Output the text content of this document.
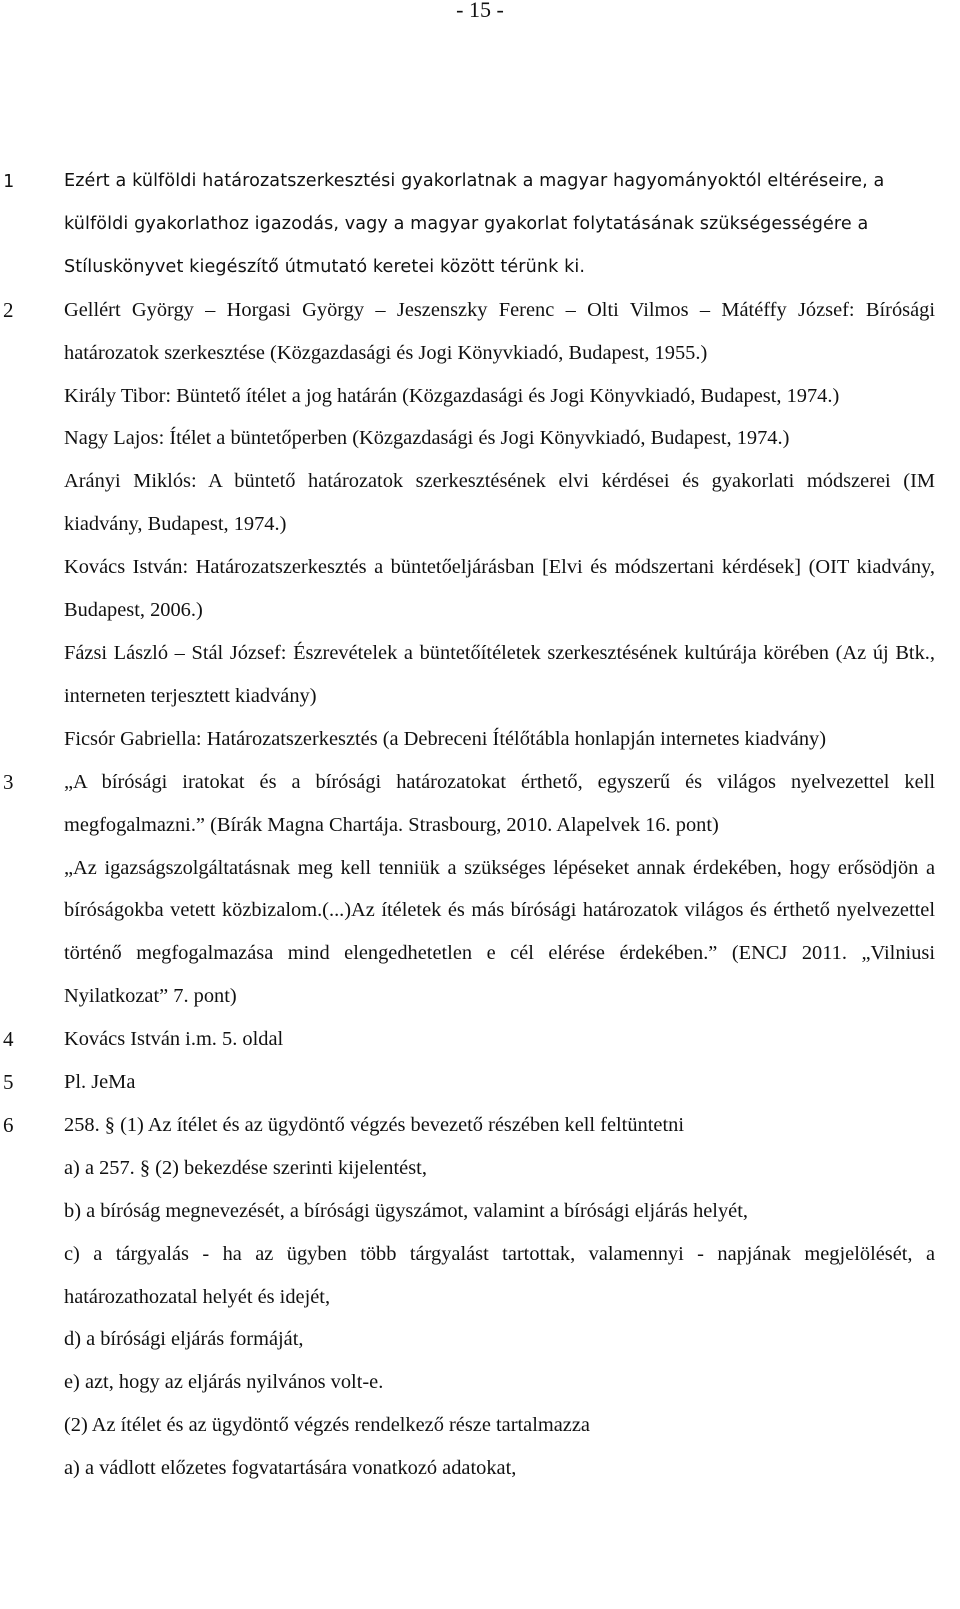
- 15 -
1	Ezért a külföldi határozatszerkesztési gyakorlatnak a magyar hagyományoktól eltéréseire, a külföldi gyakorlathoz igazodás, vagy a magyar gyakorlat folytatásának szükségességére a Stíluskönyvet kiegészítő útmutató keretei között térünk ki.

2 Gellért György – Horgasi György – Jeszenszky Ferenc – Olti Vilmos – Mátéffy József: Bírósági határozatok szerkesztése (Közgazdasági és Jogi Könyvkiadó, Budapest, 1955.)

Király Tibor: Büntető ítélet a jog határán (Közgazdasági és Jogi Könyvkiadó, Budapest, 1974.)

Nagy Lajos: Ítélet a büntetőperben (Közgazdasági és Jogi Könyvkiadó, Budapest, 1974.)

Arányi Miklós: A büntető határozatok szerkesztésének elvi kérdései és gyakorlati módszerei (IM kiadvány, Budapest, 1974.)

Kovács István: Határozatszerkesztés a büntetőeljárásban [Elvi és módszertani kérdések] (OIT kiadvány, Budapest, 2006.)

Fázsi László – Stál József: Észrevételek a büntetőítéletek szerkesztésének kultúrája körében (Az új Btk., interneten terjesztett kiadvány)

Ficsór Gabriella: Határozatszerkesztés (a Debreceni Ítélőtábla honlapján internetes kiadvány)

3 „A bírósági iratokat és a bírósági határozatokat érthető, egyszerű és világos nyelvezettel kell megfogalmazni.” (Bírák Magna Chartája. Strasbourg, 2010. Alapelvek 16. pont)

„Az igazságszolgáltatásnak meg kell tenniük a szükséges lépéseket annak érdekében, hogy erősödjön a bíróságokba vetett közbizalom.(...)Az ítéletek és más bírósági határozatok világos és érthető nyelvezettel történő megfogalmazása mind elengedhetetlen e cél elérése érdekében.” (ENCJ 2011. „Vilniusi Nyilatkozat” 7. pont)

4 Kovács István i.m. 5. oldal

5 Pl. JeMa

6 258. § (1) Az ítélet és az ügydöntő végzés bevezető részében kell feltüntetni

a) a 257. § (2) bekezdése szerinti kijelentést,

b) a bíróság megnevezését, a bírósági ügyszámot, valamint a bírósági eljárás helyét,

c) a tárgyalás - ha az ügyben több tárgyalást tartottak, valamennyi - napjának megjelölését, a határozathozatal helyét és idejét,

d) a bírósági eljárás formáját,

e) azt, hogy az eljárás nyilvános volt-e.

(2) Az ítélet és az ügydöntő végzés rendelkező része tartalmazza

a) a vádlott előzetes fogvatartására vonatkozó adatokat,
